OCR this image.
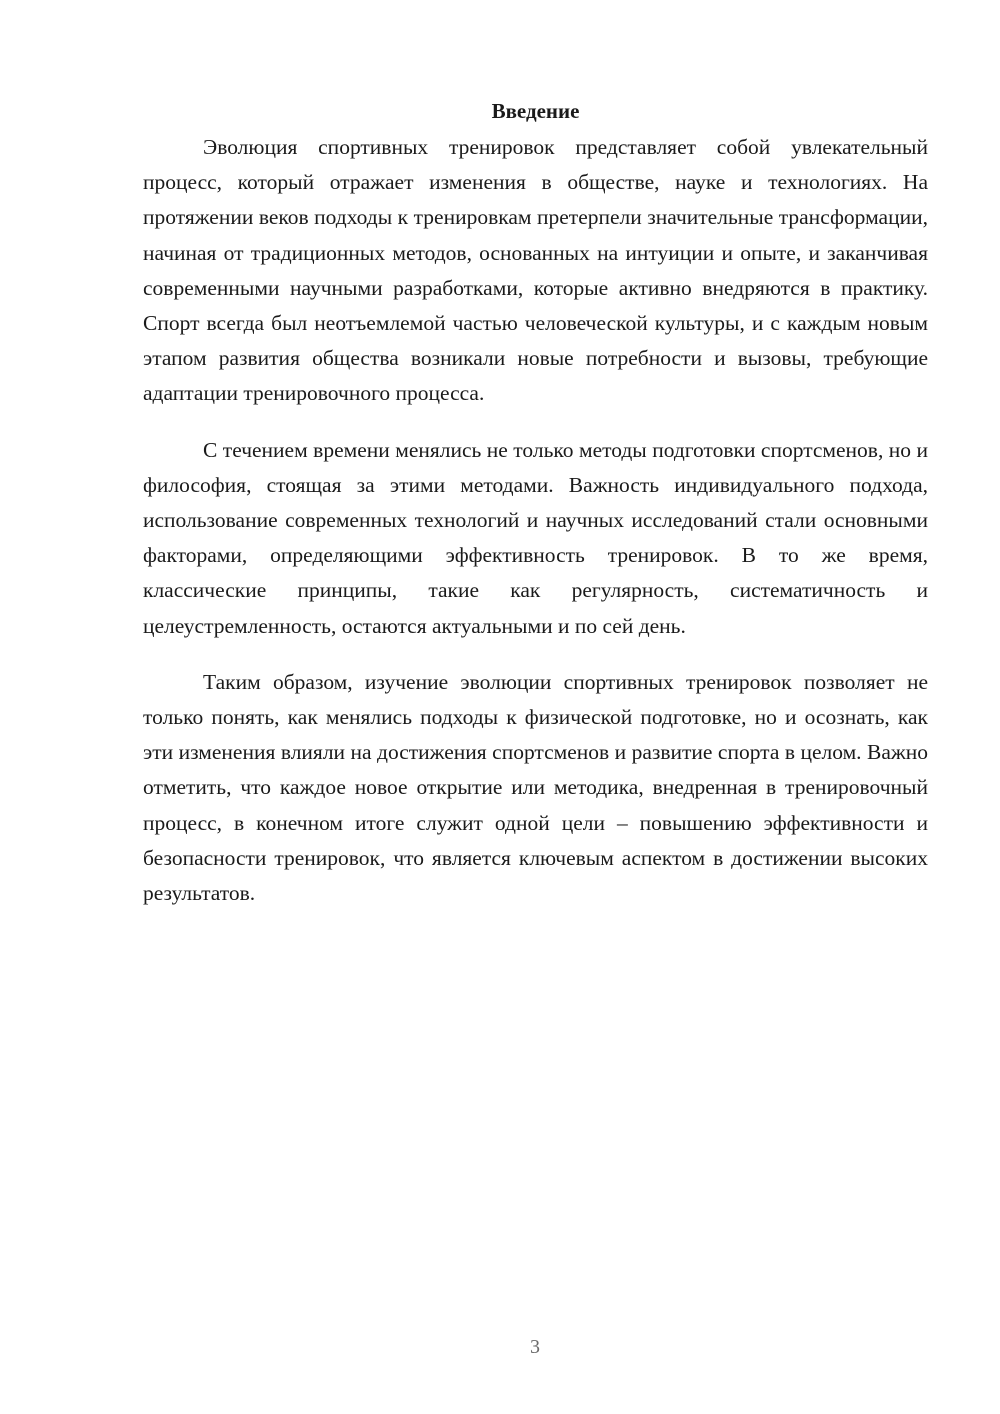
Введение

Эволюция спортивных тренировок представляет собой увлекательный процесс, который отражает изменения в обществе, науке и технологиях. На протяжении веков подходы к тренировкам претерпели значительные трансформации, начиная от традиционных методов, основанных на интуиции и опыте, и заканчивая современными научными разработками, которые активно внедряются в практику. Спорт всегда был неотъемлемой частью человеческой культуры, и с каждым новым этапом развития общества возникали новые потребности и вызовы, требующие адаптации тренировочного процесса.

С течением времени менялись не только методы подготовки спортсменов, но и философия, стоящая за этими методами. Важность индивидуального подхода, использование современных технологий и научных исследований стали основными факторами, определяющими эффективность тренировок. В то же время, классические принципы, такие как регулярность, систематичность и целеустремленность, остаются актуальными и по сей день.

Таким образом, изучение эволюции спортивных тренировок позволяет не только понять, как менялись подходы к физической подготовке, но и осознать, как эти изменения влияли на достижения спортсменов и развитие спорта в целом. Важно отметить, что каждое новое открытие или методика, внедренная в тренировочный процесс, в конечном итоге служит одной цели – повышению эффективности и безопасности тренировок, что является ключевым аспектом в достижении высоких результатов.

3
